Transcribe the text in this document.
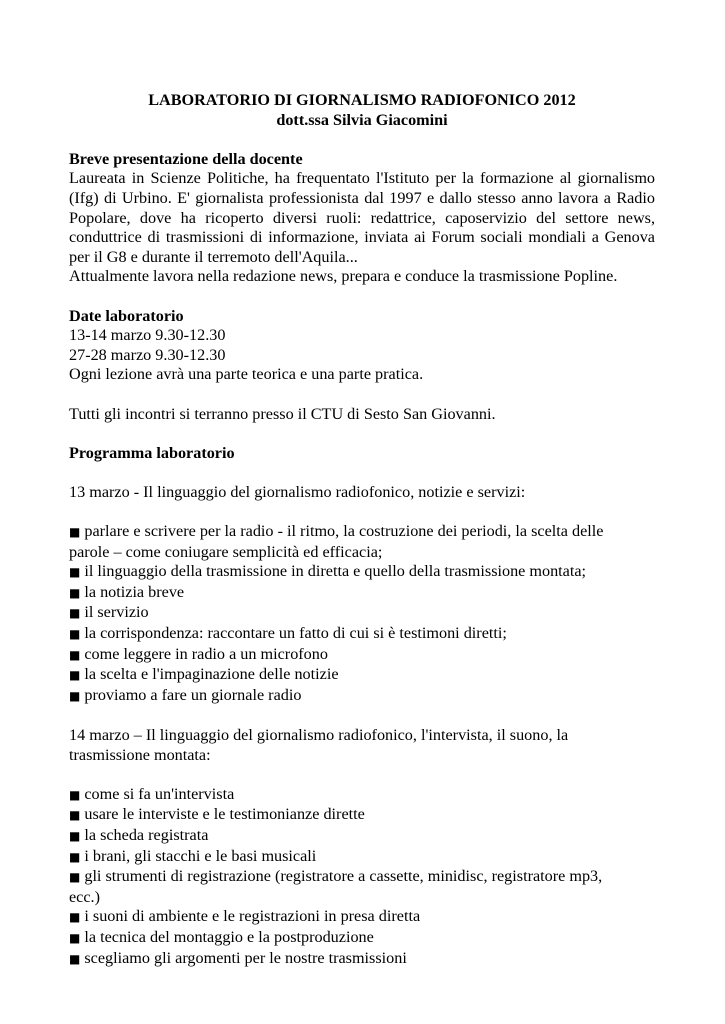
LABORATORIO DI GIORNALISMO RADIOFONICO 2012

dott.ssa Silvia Giacomini

Breve presentazione della docente

Laureata in Scienze Politiche, ha frequentato l'Istituto per la formazione al giornalismo (Ifg) di Urbino. E' giornalista professionista dal 1997 e dallo stesso anno lavora a Radio Popolare, dove ha ricoperto diversi ruoli: redattrice, caposervizio del settore news, conduttrice di trasmissioni di informazione, inviata ai Forum sociali mondiali a Genova per il G8 e durante il terremoto dell'Aquila...

Attualmente lavora nella redazione news, prepara e conduce la trasmissione Popline.

Date laboratorio

13-14 marzo 9.30-12.30

27-28 marzo 9.30-12.30

Ogni lezione avrà una parte teorica e una parte pratica.

Tutti gli incontri si terranno presso il CTU di Sesto San Giovanni.

Programma laboratorio

13 marzo - Il linguaggio del giornalismo radiofonico, notizie e servizi:

■ parlare e scrivere per la radio - il ritmo, la costruzione dei periodi, la scelta delle parole – come coniugare semplicità ed efficacia;
■ il linguaggio della trasmissione in diretta e quello della trasmissione montata;
■ la notizia breve
■ il servizio
■ la corrispondenza: raccontare un fatto di cui si è testimoni diretti;
■ come leggere in radio a un microfono
■ la scelta e l'impaginazione delle notizie
■ proviamo a fare un giornale radio

14 marzo – Il linguaggio del giornalismo radiofonico, l'intervista, il suono, la trasmissione montata:

■ come si fa un'intervista
■ usare le interviste e le testimonianze dirette
■ la scheda registrata
■ i brani, gli stacchi e le basi musicali
■ gli strumenti di registrazione (registratore a cassette, minidisc, registratore mp3, ecc.)
■ i suoni di ambiente e le registrazioni in presa diretta
■ la tecnica del montaggio e la postproduzione
■ scegliamo gli argomenti per le nostre trasmissioni
